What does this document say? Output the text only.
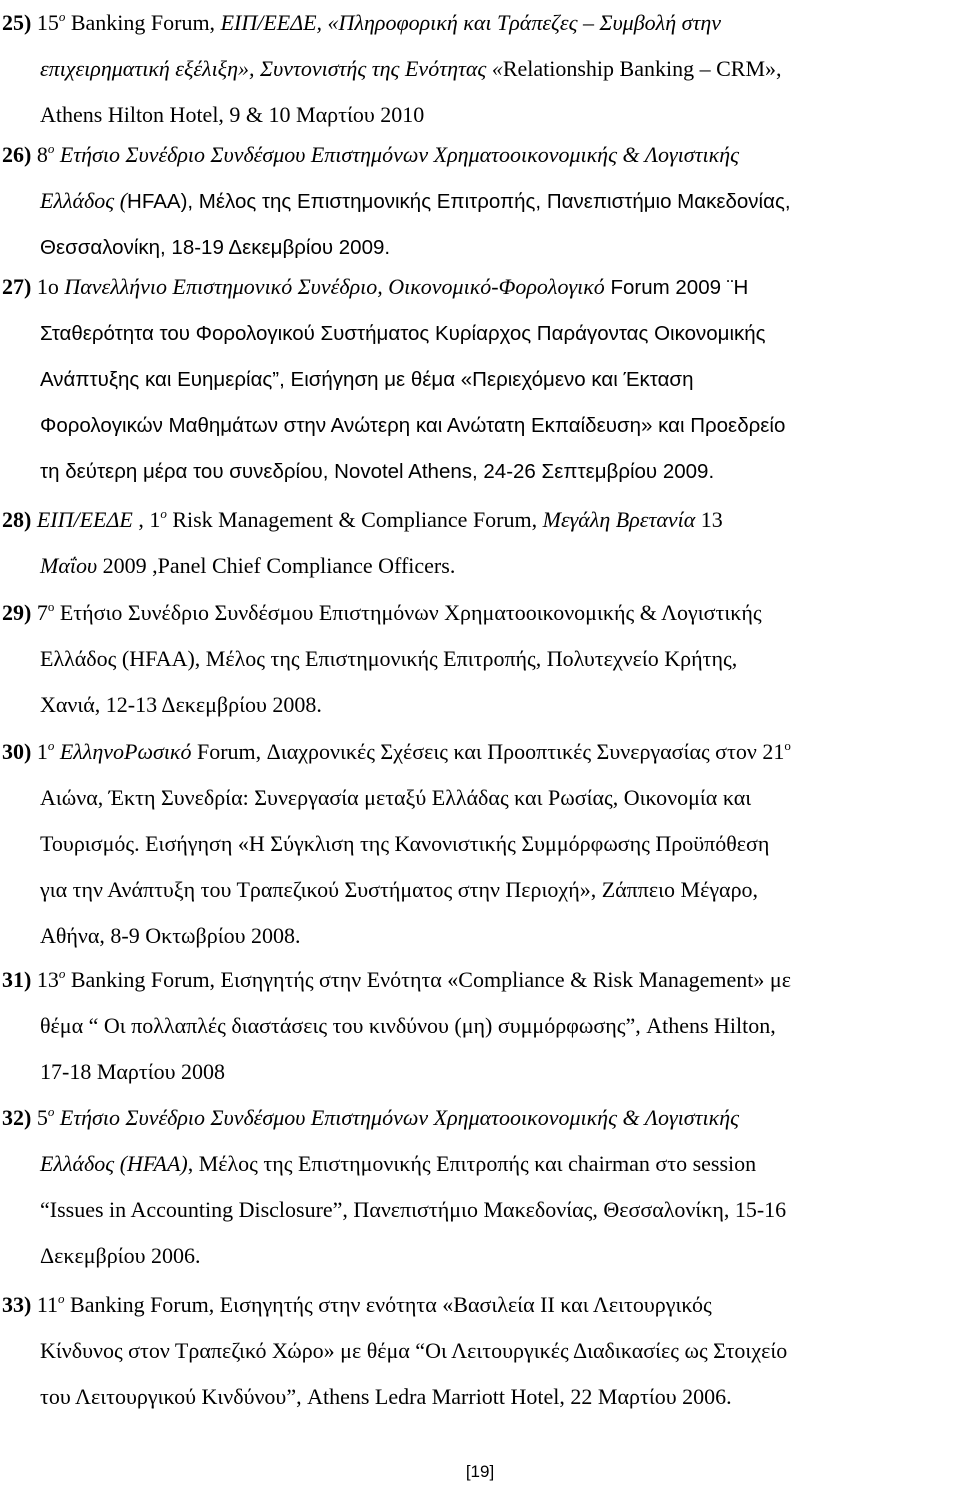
25) $15^o$ Banking Forum, ΕΙΠ/ΕΕΔΕ, «Πληροφορική και Τράπεζες – Συμβολή στην
επιχειρηματική εξέλιξη», Συντονιστής της Ενότητας «Relationship Banking – CRM»,
Athens Hilton Hotel, 9 & 10 Μαρτίου 2010
26) $8^o$ Ετήσιο Συνέδριο Συνδέσμου Επιστημόνων Χρηματοοικονομικής & Λογιστικής
Ελλάδος (HFAA), Μέλος της Επιστημονικής Επιτροπής, Πανεπιστήμιο Μακεδονίας,
Θεσσαλονίκη, 18-19 Δεκεμβρίου 2009.
27) 1ο Πανελλήνιο Επιστημονικό Συνέδριο, Οικονομικό-Φορολογικό Forum 2009 ¨Η
Σταθερότητα του Φορολογικού Συστήματος Κυρίαρχος Παράγοντας Οικονομικής
Ανάπτυξης και Ευημερίας”, Εισήγηση με θέμα «Περιεχόμενο και Έκταση
Φορολογικών Μαθημάτων στην Ανώτερη και Ανώτατη Εκπαίδευση» και Προεδρείο
τη δεύτερη μέρα του συνεδρίου, Novotel Athens, 24-26 Σεπτεμβρίου 2009.
28) ΕΙΠ/ΕΕΔΕ , $1^o$ Risk Management & Compliance Forum, Μεγάλη Βρετανία 13
Μαΐου 2009 ,Panel Chief Compliance Officers.
29) $7^o$ Ετήσιο Συνέδριο Συνδέσμου Επιστημόνων Χρηματοοικονομικής & Λογιστικής
Ελλάδος (HFAA), Μέλος της Επιστημονικής Επιτροπής, Πολυτεχνείο Κρήτης,
Χανιά, 12-13 Δεκεμβρίου 2008.
30) $1^o$ ΕλληνοΡωσικό Forum, Διαχρονικές Σχέσεις και Προοπτικές Συνεργασίας στον $21^o$
Αιώνα, Έκτη Συνεδρία: Συνεργασία μεταξύ Ελλάδας και Ρωσίας, Οικονομία και
Τουρισμός. Εισήγηση «Η Σύγκλιση της Κανονιστικής Συμμόρφωσης Προϋπόθεση
για την Ανάπτυξη του Τραπεζικού Συστήματος στην Περιοχή», Ζάππειο Μέγαρο,
Αθήνα, 8-9 Οκτωβρίου 2008.
31) $13^o$ Banking Forum, Εισηγητής στην Ενότητα «Compliance & Risk Management» με
θέμα “ Οι πολλαπλές διαστάσεις του κινδύνου (μη) συμμόρφωσης”, Athens Hilton,
17-18 Μαρτίου 2008
32) $5^o$ Ετήσιο Συνέδριο Συνδέσμου Επιστημόνων Χρηματοοικονομικής & Λογιστικής
Ελλάδος (HFAA), Μέλος της Επιστημονικής Επιτροπής και chairman στο session
“Issues in Accounting Disclosure”, Πανεπιστήμιο Μακεδονίας, Θεσσαλονίκη, 15-16
Δεκεμβρίου 2006.
33) $11^o$ Banking Forum, Εισηγητής στην ενότητα «Βασιλεία ΙΙ και Λειτουργικός
Κίνδυνος στον Τραπεζικό Χώρο» με θέμα “Οι Λειτουργικές Διαδικασίες ως Στοιχείο
του Λειτουργικού Κινδύνου”, Athens Ledra Marriott Hotel, 22 Μαρτίου 2006.
[19]
